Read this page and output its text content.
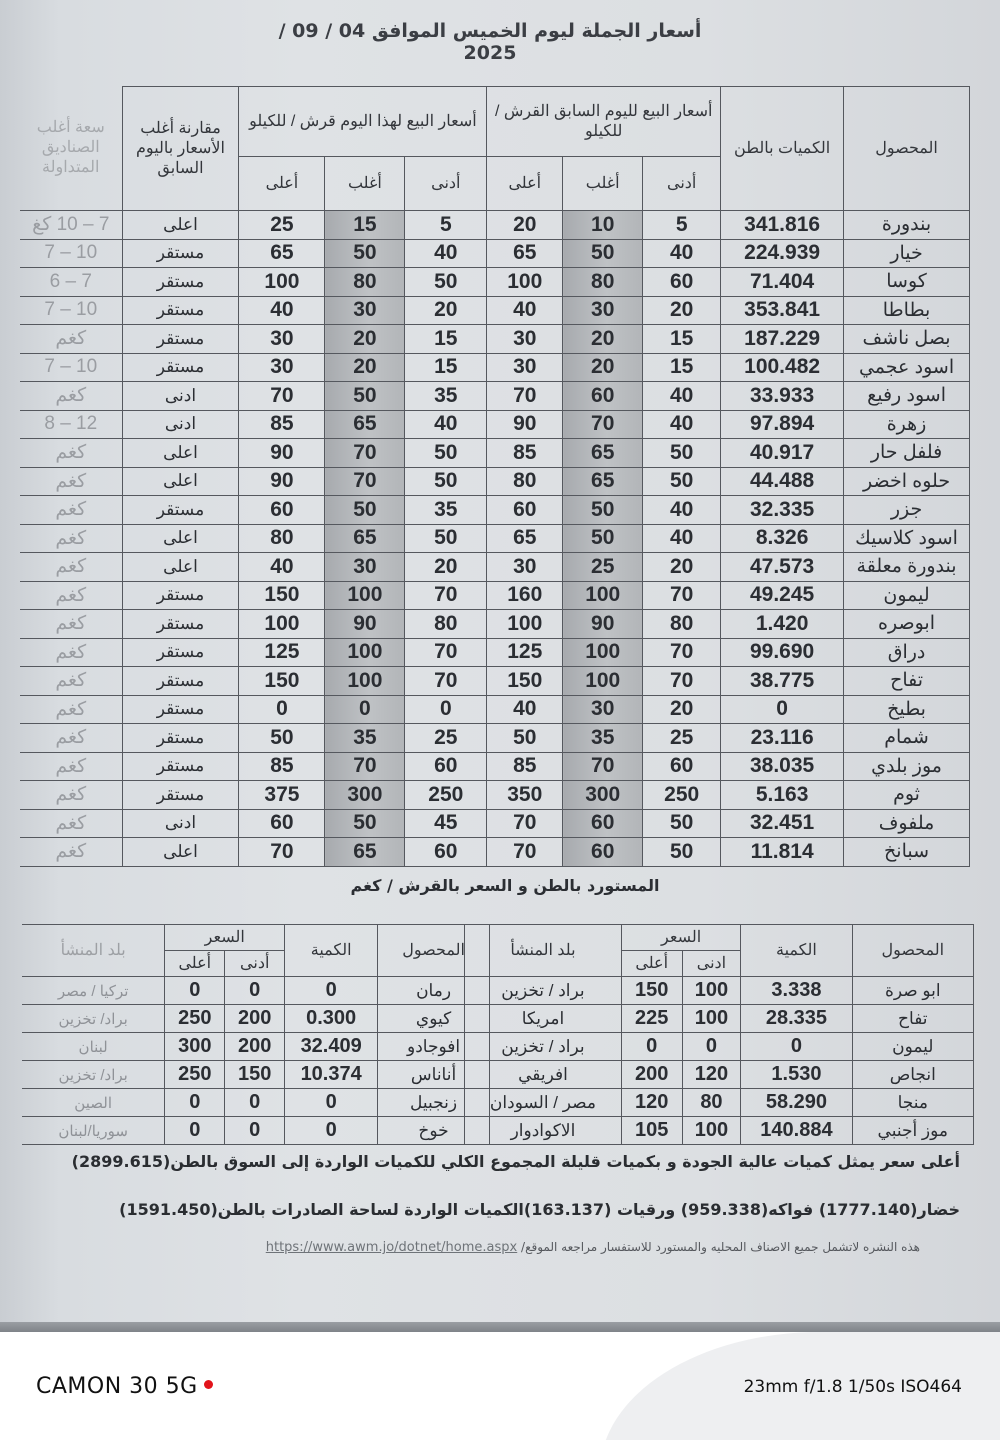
أسعار الجملة ليوم الخميس الموافق 04 / 09 / 2025
المحصول	الكميات بالطن	أسعار البيع لليوم السابق القرش / للكيلو			أسعار البيع لهذا اليوم قرش / للكيلو			مقارنة أغلب الأسعار باليوم السابق	سعة أغلب الصناديق المتداولة
		أدنى	أغلب	أعلى	أدنى	أغلب	أعلى		
بندورة	341.816	5	10	20	5	15	25	اعلى	7 – 10 كغ
خيار	224.939	40	50	65	40	50	65	مستقر	10 – 7
كوسا	71.404	60	80	100	50	80	100	مستقر	7 – 6
بطاطا	353.841	20	30	40	20	30	40	مستقر	10 – 7
بصل ناشف	187.229	15	20	30	15	20	30	مستقر	كغم
اسود عجمي	100.482	15	20	30	15	20	30	مستقر	10 – 7
اسود رفيع	33.933	40	60	70	35	50	70	ادنى	كغم
زهرة	97.894	40	70	90	40	65	85	ادنى	12 – 8
فلفل حار	40.917	50	65	85	50	70	90	اعلى	كغم
حلوه اخضر	44.488	50	65	80	50	70	90	اعلى	كغم
جزر	32.335	40	50	60	35	50	60	مستقر	كغم
اسود كلاسيك	8.326	40	50	65	50	65	80	اعلى	كغم
بندورة معلقة	47.573	20	25	30	20	30	40	اعلى	كغم
ليمون	49.245	70	100	160	70	100	150	مستقر	كغم
ابوصره	1.420	80	90	100	80	90	100	مستقر	كغم
دراق	99.690	70	100	125	70	100	125	مستقر	كغم
تفاح	38.775	70	100	150	70	100	150	مستقر	كغم
بطيخ	0	20	30	40	0	0	0	مستقر	كغم
شمام	23.116	25	35	50	25	35	50	مستقر	كغم
موز بلدي	38.035	60	70	85	60	70	85	مستقر	كغم
ثوم	5.163	250	300	350	250	300	375	مستقر	كغم
ملفوف	32.451	50	60	70	45	50	60	ادنى	كغم
سبانخ	11.814	50	60	70	60	65	70	اعلى	كغم
المستورد بالطن و السعر بالقرش / كغم
المحصول	الكمية	السعر		بلد المنشأ
		ادنى	أعلى	
ابو صرة	3.338	100	150	براد / تخزين
تفاح	28.335	100	225	امريكا
ليمون	0	0	0	براد / تخزين
انجاص	1.530	120	200	افريقي
منجا	58.290	80	120	مصر / السودان
موز أجنبي	140.884	100	105	الاكوادوار
المحصول	الكمية	السعر		بلد المنشأ
		أدنى	أعلى	
رمان	0	0	0	تركيا / مصر
كيوي	0.300	200	250	براد/ تخزين
افوجادو	32.409	200	300	لبنان
أناناس	10.374	150	250	براد/ تخزين
زنجبيل	0	0	0	الصين
خوخ	0	0	0	سوريا/لبنان
أعلى سعر يمثل كميات عالية الجودة و بكميات قليلة المجموع الكلي للكميات الواردة إلى السوق بالطن(2899.615)
خضار(1777.140) فواكه(959.338) ورقيات (163.137)الكميات الواردة لساحة الصادرات بالطن(1591.450)
هذه النشره لاتشمل جميع الاصناف المحليه والمستورد للاستفسار مراجعه الموقع/ https://www.awm.jo/dotnet/home.aspx
CAMON 30 5G	23mm f/1.8 1/50s ISO464
